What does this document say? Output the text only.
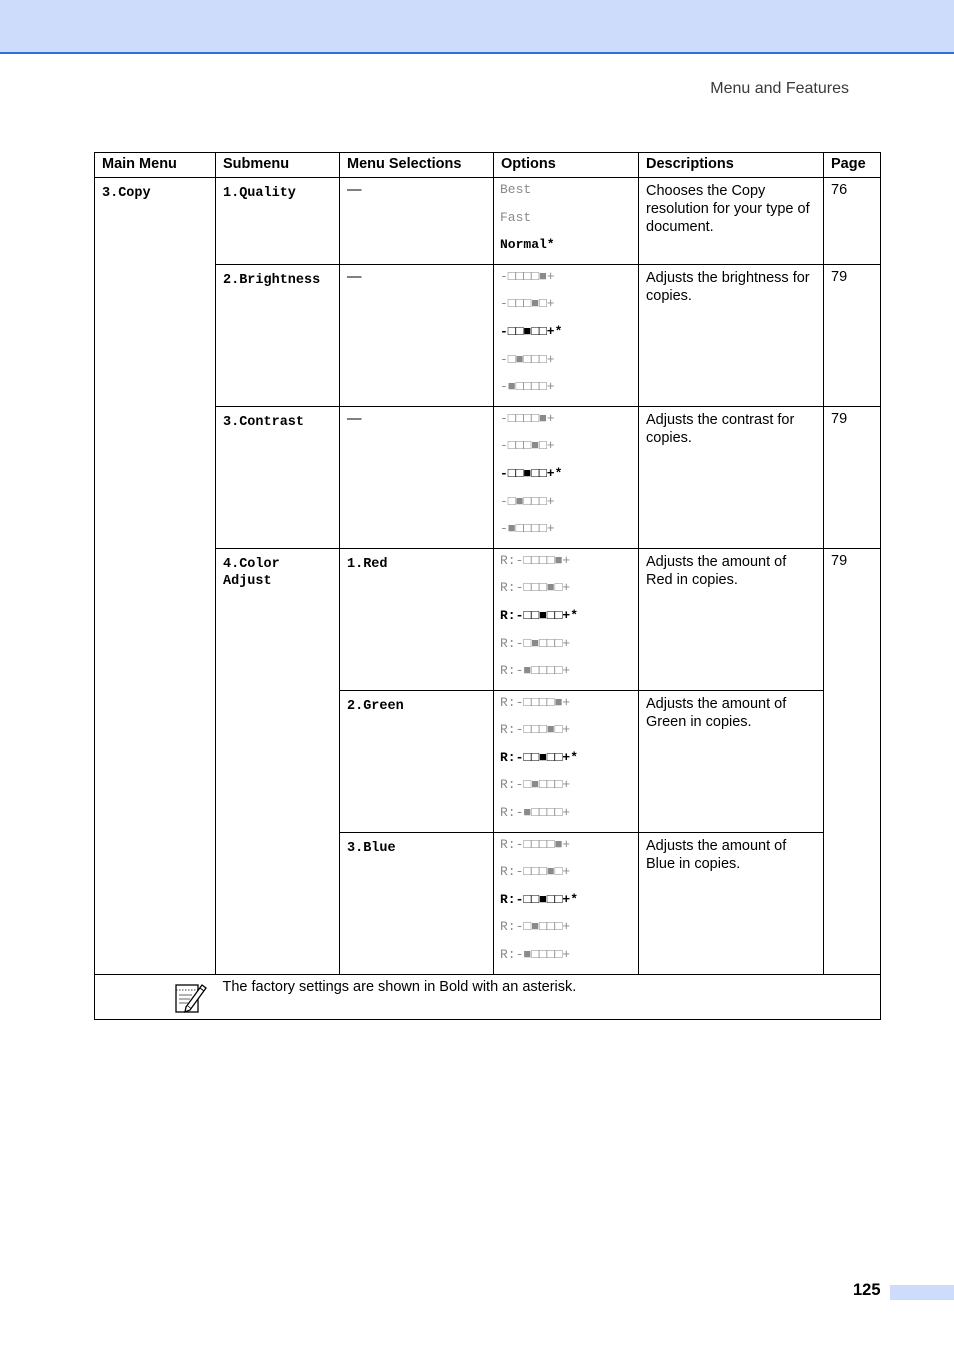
Menu and Features
Main Menu	Submenu	Menu Selections	Options	Descriptions	Page

3.Copy	1.Quality	—	Best
Fast
Normal*	Chooses the Copy resolution for your type of document.	76

	2.Brightness	—	-□□□□■+
-□□□■□+
-□□■□□+*
-□■□□□+
-■□□□□+	Adjusts the brightness for copies.	79

	3.Contrast	—	-□□□□■+
-□□□■□+
-□□■□□+*
-□■□□□+
-■□□□□+	Adjusts the contrast for copies.	79

	4.Color Adjust	1.Red	R:-□□□□■+
R:-□□□■□+
R:-□□■□□+*
R:-□■□□□+
R:-■□□□□+	Adjusts the amount of Red in copies.	79

		2.Green	R:-□□□□■+
R:-□□□■□+
R:-□□■□□+*
R:-□■□□□+
R:-■□□□□+	Adjusts the amount of Green in copies.	

		3.Blue	R:-□□□□■+
R:-□□□■□+
R:-□□■□□+*
R:-□■□□□+
R:-■□□□□+	Adjusts the amount of Blue in copies.	

The factory settings are shown in Bold with an asterisk.				
125
